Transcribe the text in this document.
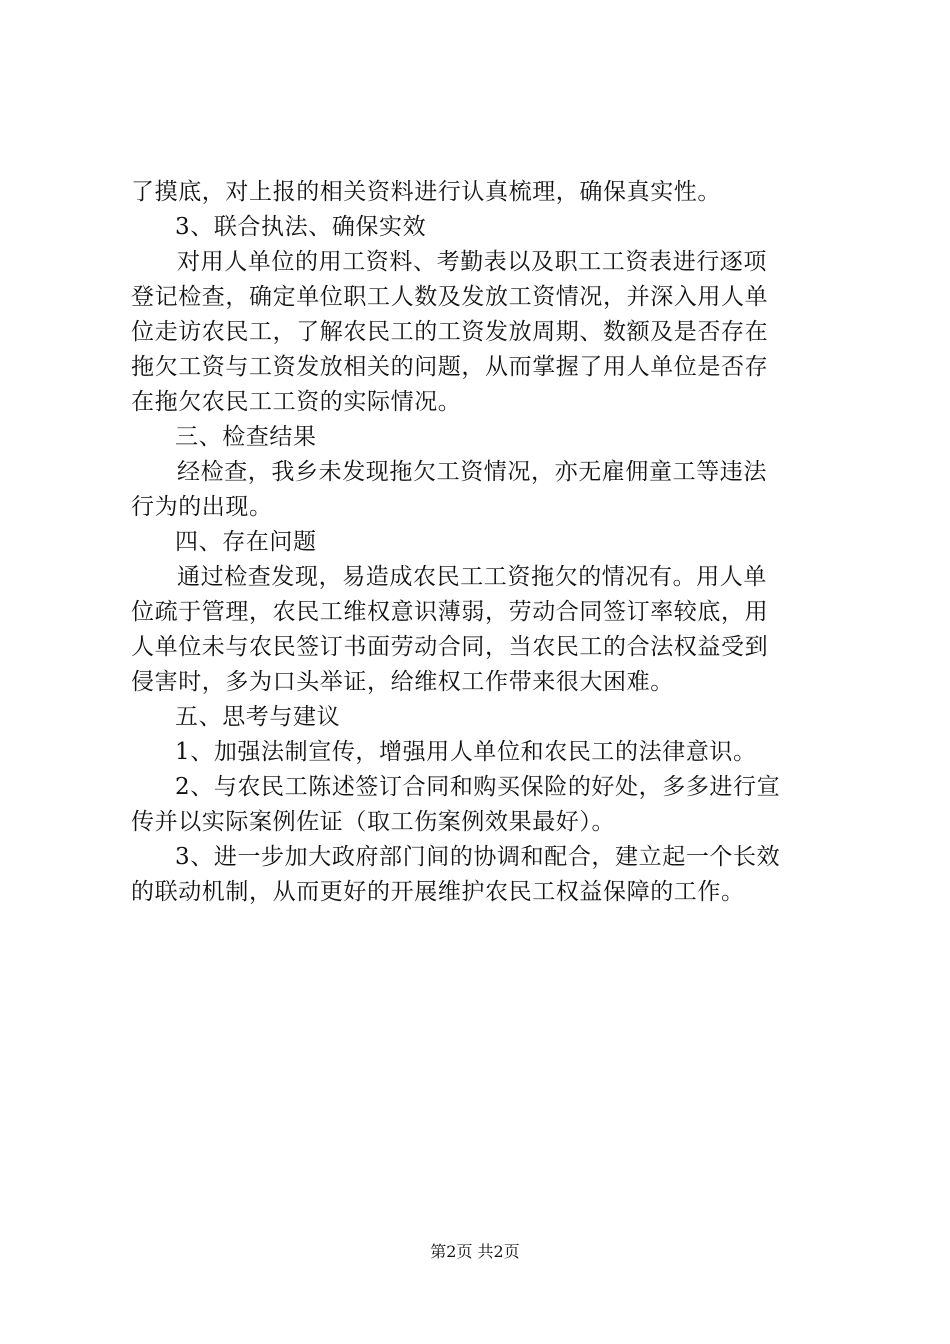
了摸底，对上报的相关资料进行认真梳理，确保真实性。
3、联合执法、确保实效
对用人单位的用工资料、考勤表以及职工工资表进行逐项
登记检查，确定单位职工人数及发放工资情况，并深入用人单
位走访农民工，了解农民工的工资发放周期、数额及是否存在
拖欠工资与工资发放相关的问题，从而掌握了用人单位是否存
在拖欠农民工工资的实际情况。
三、检查结果
经检查，我乡未发现拖欠工资情况，亦无雇佣童工等违法
行为的出现。
四、存在问题
通过检查发现，易造成农民工工资拖欠的情况有。用人单
位疏于管理，农民工维权意识薄弱，劳动合同签订率较底，用
人单位未与农民签订书面劳动合同，当农民工的合法权益受到
侵害时，多为口头举证，给维权工作带来很大困难。
五、思考与建议
1、加强法制宣传，增强用人单位和农民工的法律意识。
2、与农民工陈述签订合同和购买保险的好处，多多进行宣
传并以实际案例佐证（取工伤案例效果最好）。
3、进一步加大政府部门间的协调和配合，建立起一个长效
的联动机制，从而更好的开展维护农民工权益保障的工作。
第2页 共2页
